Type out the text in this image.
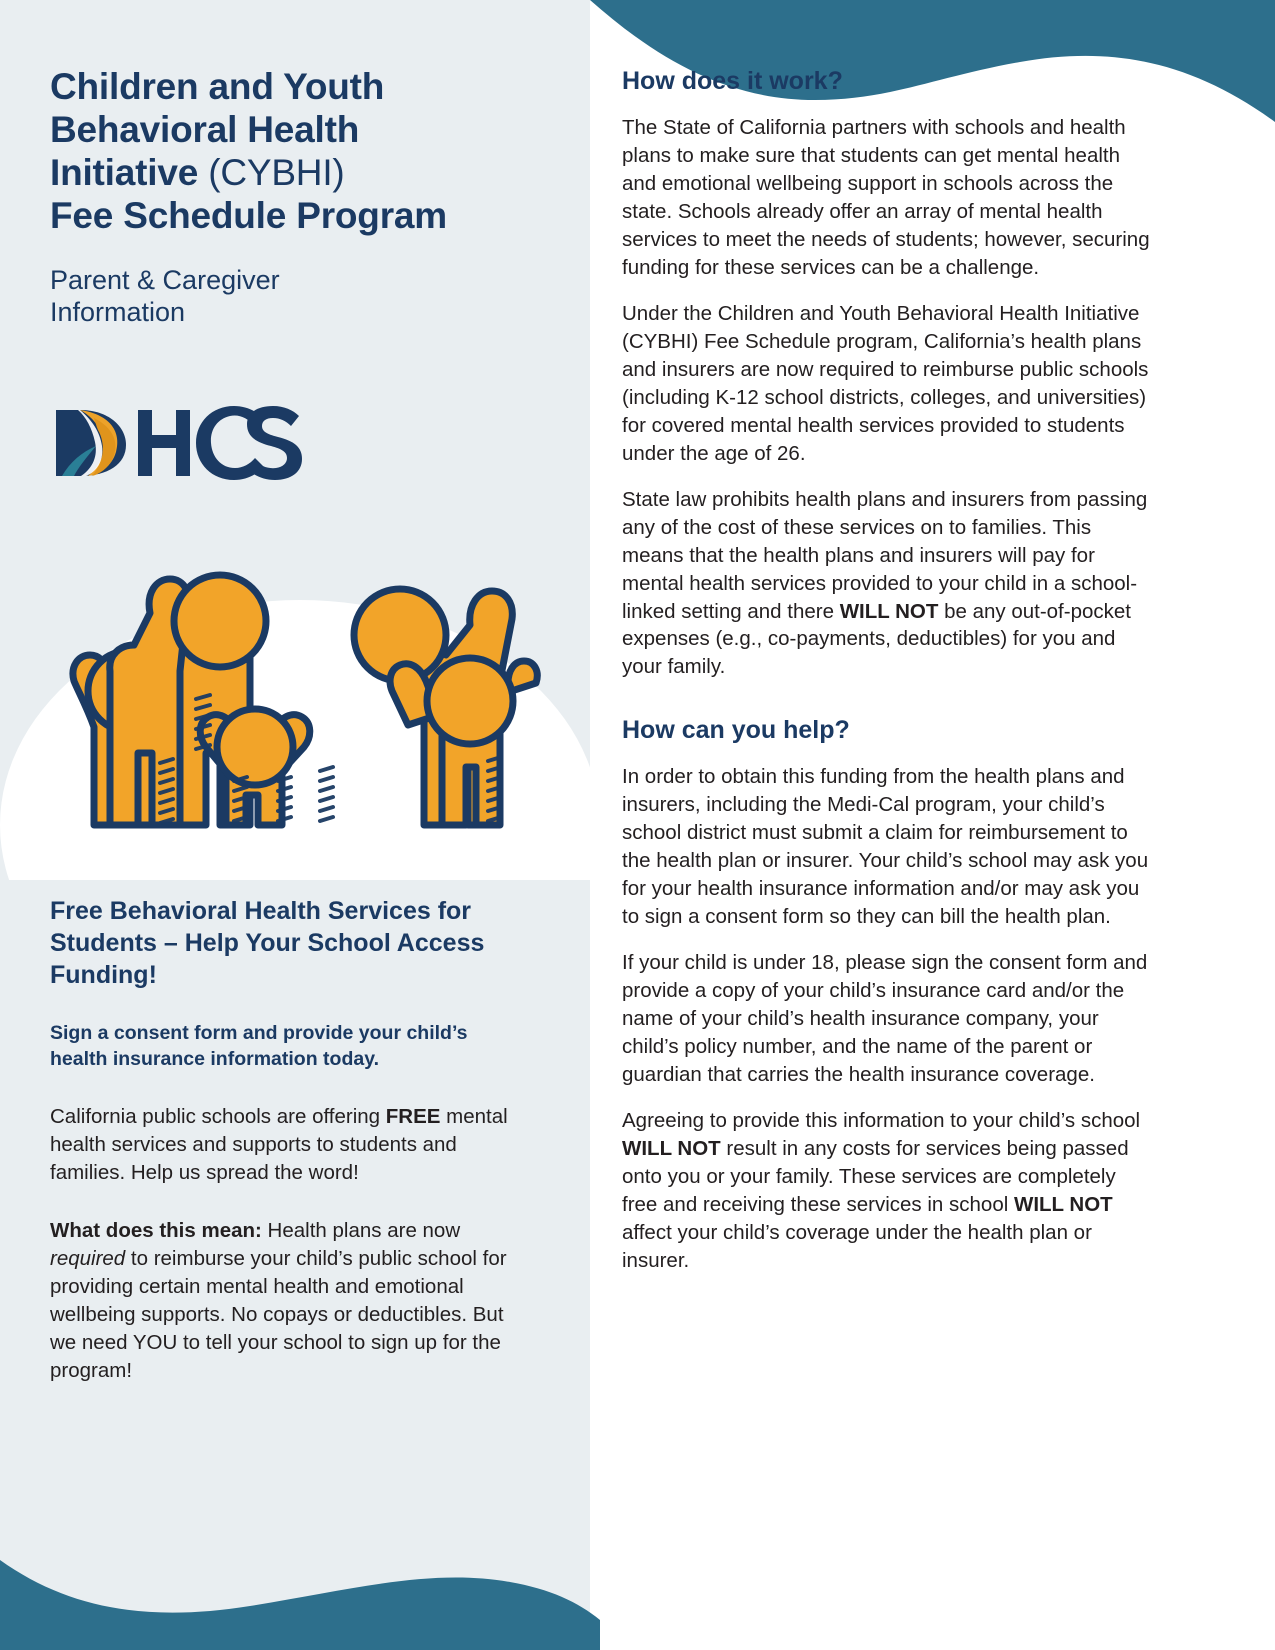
Children and Youth
Behavioral Health
Initiative (CYBHI)
Fee Schedule Program

Parent & Caregiver
Information

Free Behavioral Health Services for Students – Help Your School Access Funding!

Sign a consent form and provide your child’s health insurance information today.

California public schools are offering FREE mental health services and supports to students and families. Help us spread the word!

What does this mean: Health plans are now required to reimburse your child’s public school for providing certain mental health and emotional wellbeing supports. No copays or deductibles. But we need YOU to tell your school to sign up for the program!

How does it work?

The State of California partners with schools and health plans to make sure that students can get mental health and emotional wellbeing support in schools across the state. Schools already offer an array of mental health services to meet the needs of students; however, securing funding for these services can be a challenge.

Under the Children and Youth Behavioral Health Initiative (CYBHI) Fee Schedule program, California’s health plans and insurers are now required to reimburse public schools (including K-12 school districts, colleges, and universities) for covered mental health services provided to students under the age of 26.

State law prohibits health plans and insurers from passing any of the cost of these services on to families. This means that the health plans and insurers will pay for mental health services provided to your child in a school-linked setting and there WILL NOT be any out-of-pocket expenses (e.g., co-payments, deductibles) for you and your family.

How can you help?

In order to obtain this funding from the health plans and insurers, including the Medi-Cal program, your child’s school district must submit a claim for reimbursement to the health plan or insurer. Your child’s school may ask you for your health insurance information and/or may ask you to sign a consent form so they can bill the health plan.

If your child is under 18, please sign the consent form and provide a copy of your child’s insurance card and/or the name of your child’s health insurance company, your child’s policy number, and the name of the parent or guardian that carries the health insurance coverage.

Agreeing to provide this information to your child’s school WILL NOT result in any costs for services being passed onto you or your family. These services are completely free and receiving these services in school WILL NOT affect your child’s coverage under the health plan or insurer.
